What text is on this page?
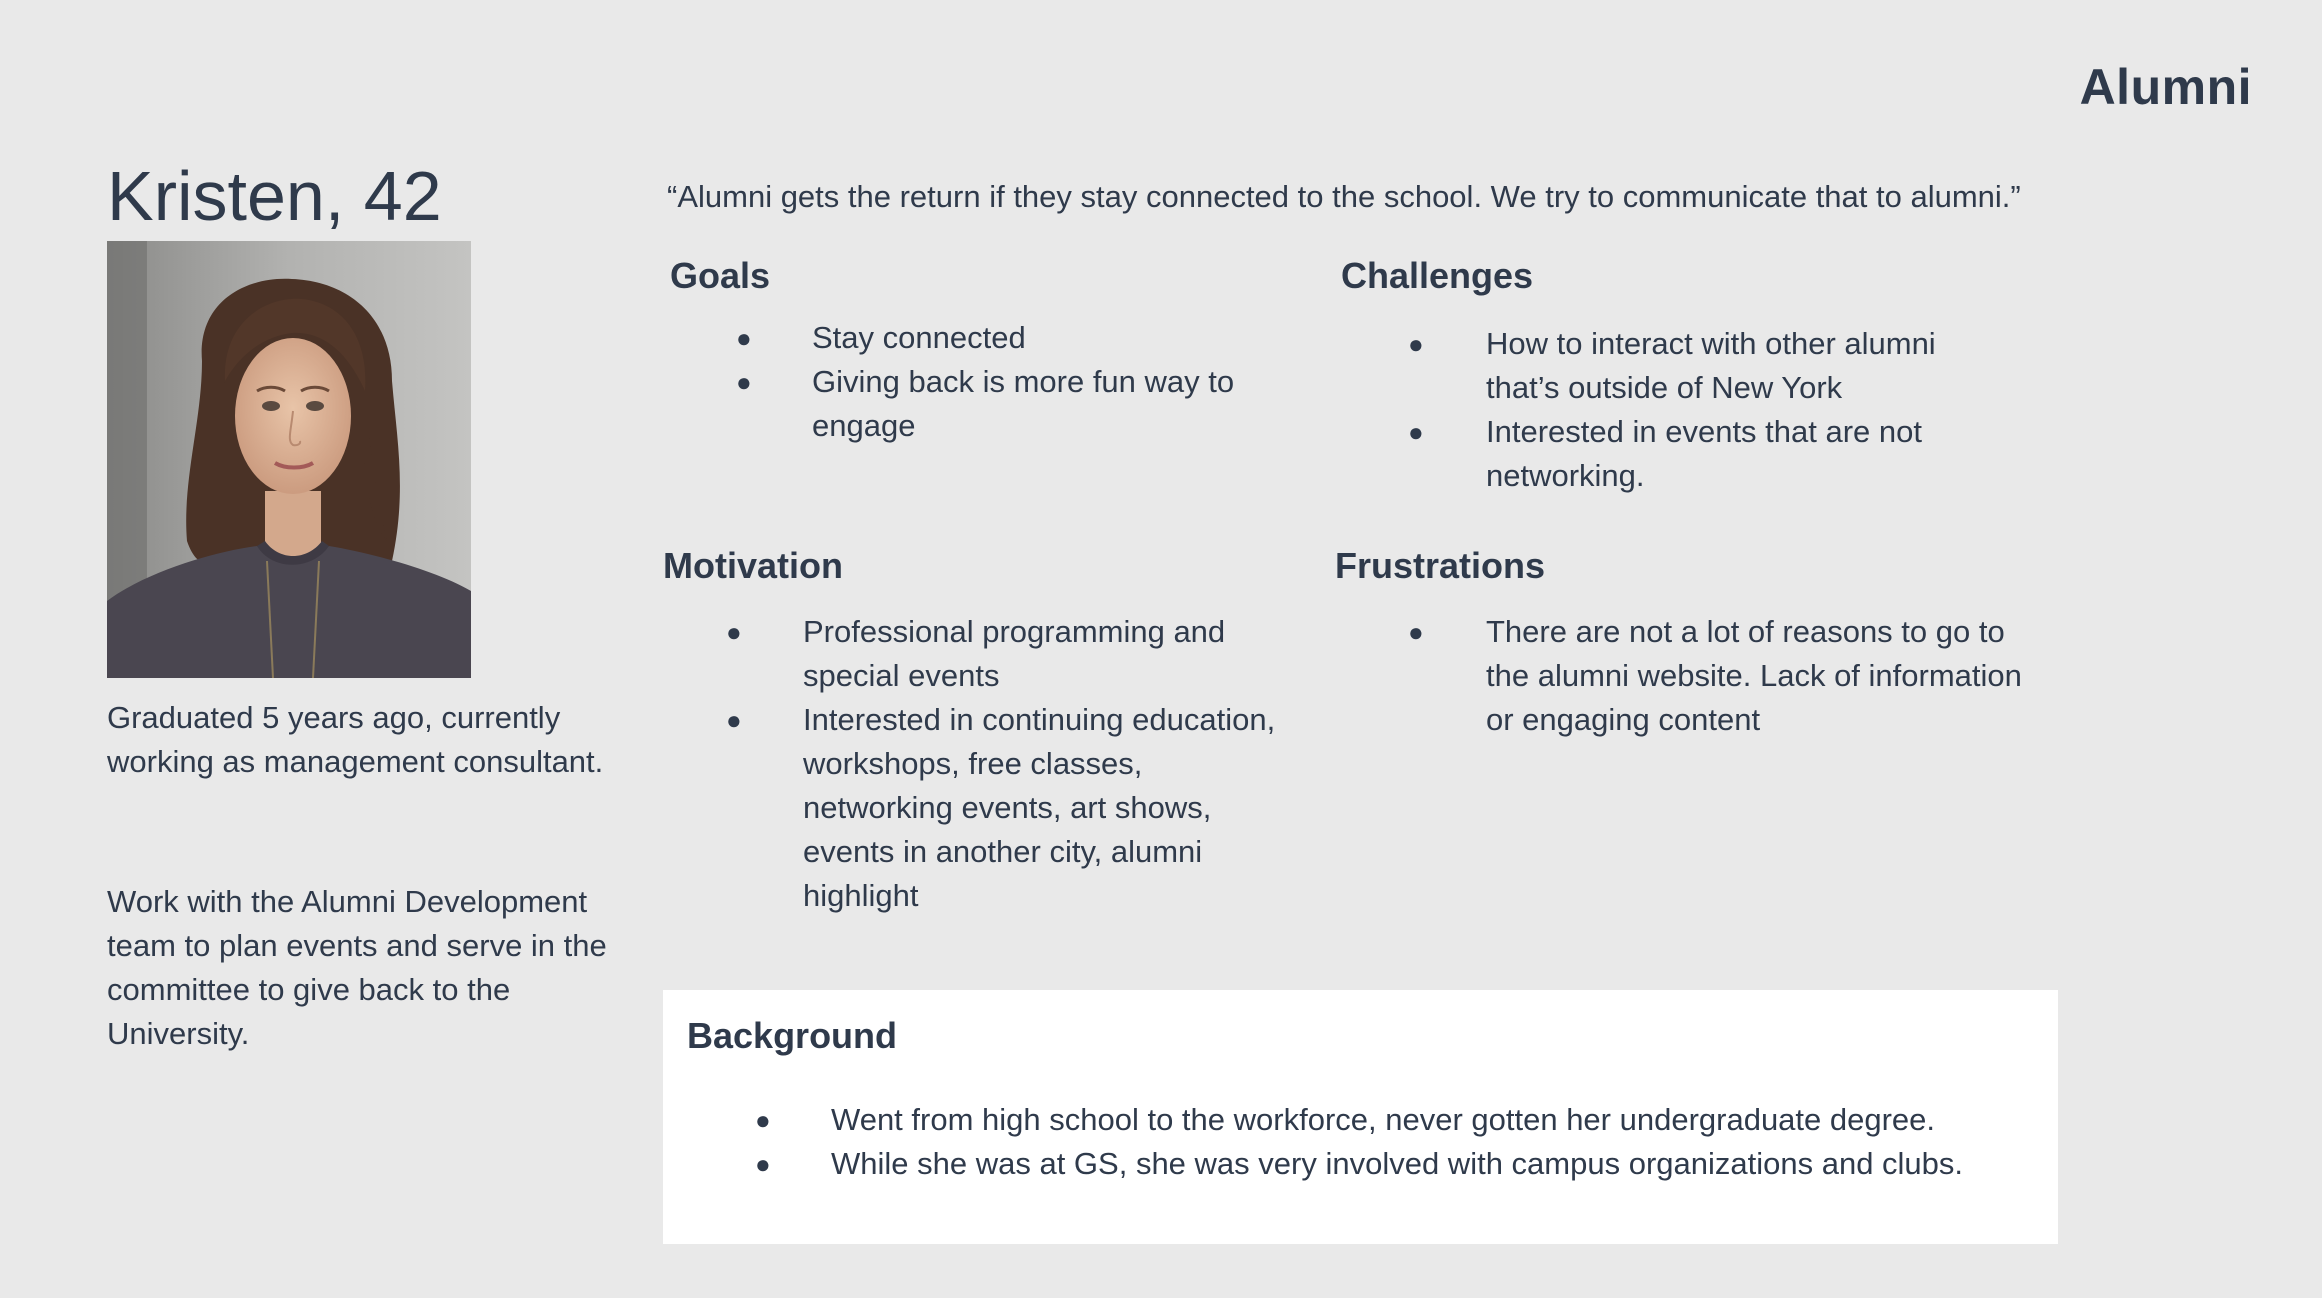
Alumni
Kristen, 42
Graduated 5 years ago, currently working as management consultant.
Work with the Alumni Development team to plan events and serve in the committee to give back to the University.
“Alumni gets the return if they stay connected to the school. We try to communicate that to alumni.”
Goals
● Stay connected
● Giving back is more fun way to engage
Challenges
● How to interact with other alumni that’s outside of New York
● Interested in events that are not networking.
Motivation
● Professional programming and special events
● Interested in continuing education, workshops, free classes, networking events, art shows, events in another city, alumni highlight
Frustrations
● There are not a lot of reasons to go to the alumni website. Lack of information or engaging content
Background
● Went from high school to the workforce, never gotten her undergraduate degree.
● While she was at GS, she was very involved with campus organizations and clubs.
